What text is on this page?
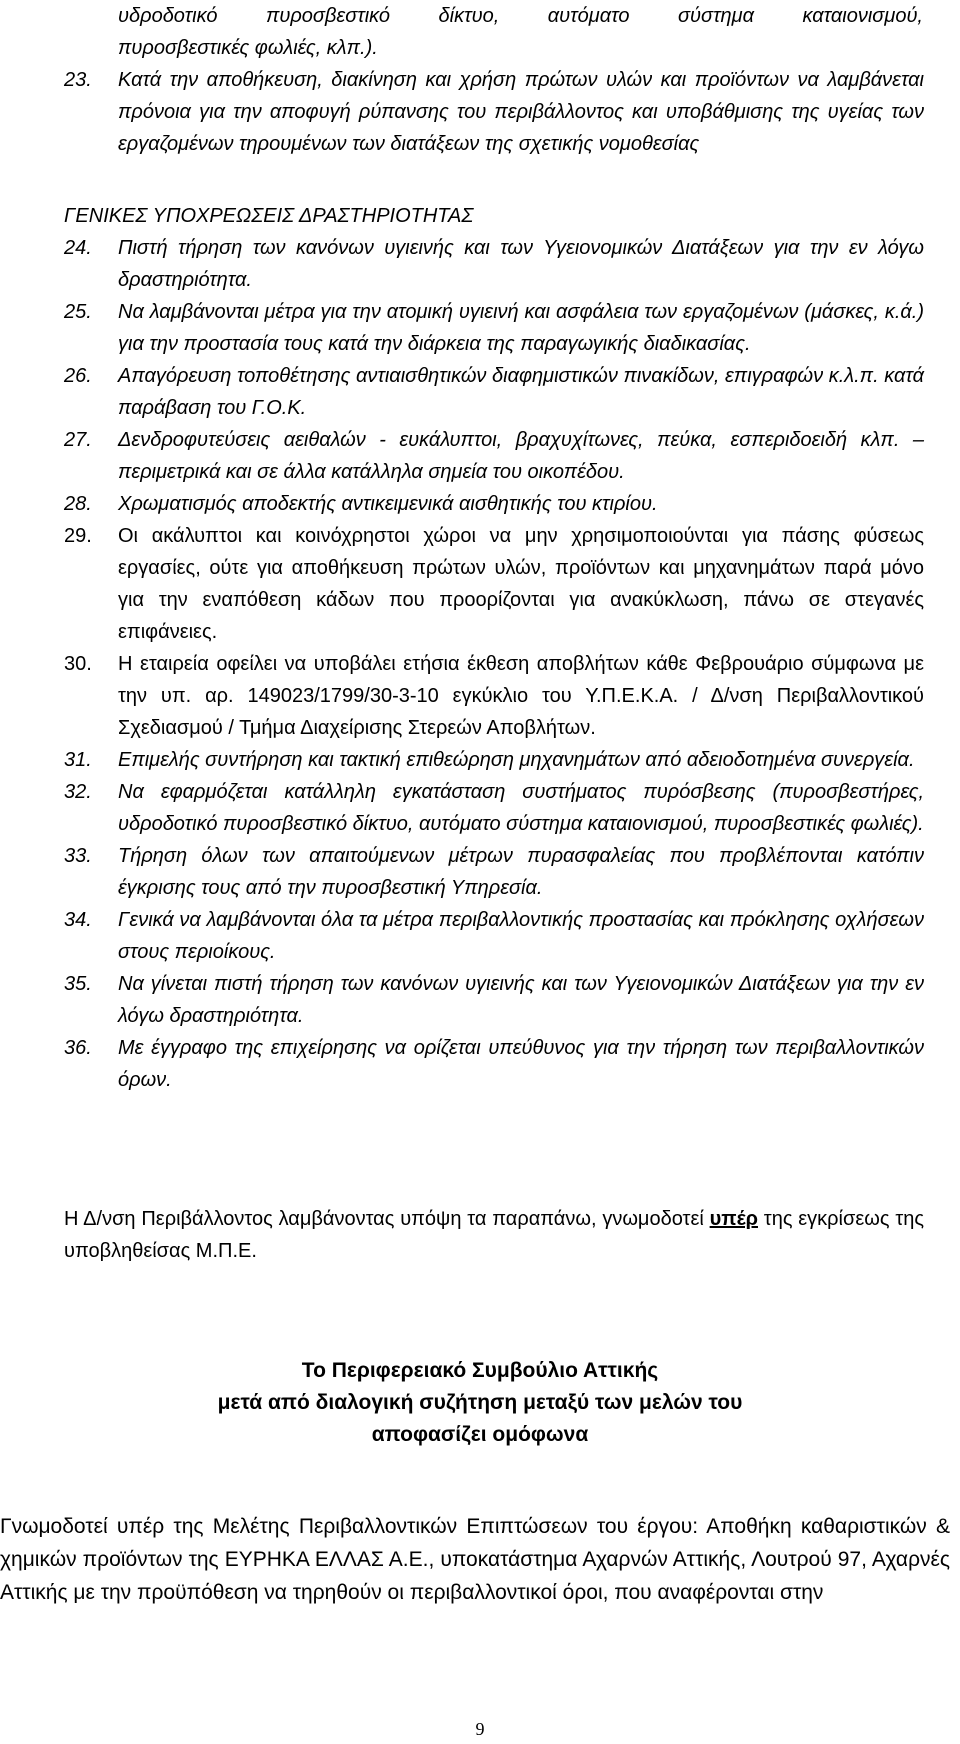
υδροδοτικό πυροσβεστικό δίκτυο, αυτόματο σύστημα καταιονισμού,

πυροσβεστικές φωλιές, κλπ.).

23. Κατά την αποθήκευση, διακίνηση και χρήση πρώτων υλών και προϊόντων να λαμβάνεται πρόνοια για την αποφυγή ρύπανσης του περιβάλλοντος και υποβάθμισης της υγείας των εργαζομένων τηρουμένων των διατάξεων της σχετικής νομοθεσίας
ΓΕΝΙΚΕΣ ΥΠΟΧΡΕΩΣΕΙΣ ΔΡΑΣΤΗΡΙΟΤΗΤΑΣ
24. Πιστή τήρηση των κανόνων υγιεινής και των Υγειονομικών Διατάξεων για την εν λόγω δραστηριότητα.
25. Να λαμβάνονται μέτρα για την ατομική υγιεινή και ασφάλεια των εργαζομένων (μάσκες, κ.ά.) για την προστασία τους κατά την διάρκεια της παραγωγικής διαδικασίας.
26. Απαγόρευση τοποθέτησης αντιαισθητικών διαφημιστικών πινακίδων, επιγραφών κ.λ.π. κατά παράβαση του Γ.Ο.Κ.
27. Δενδροφυτεύσεις αειθαλών - ευκάλυπτοι, βραχυχίτωνες, πεύκα, εσπεριδοειδή κλπ. – περιμετρικά και σε άλλα κατάλληλα σημεία του οικοπέδου.
28. Χρωματισμός αποδεκτής αντικειμενικά αισθητικής του κτιρίου.
29. Οι ακάλυπτοι και κοινόχρηστοι χώροι να μην χρησιμοποιούνται για πάσης φύσεως εργασίες, ούτε για αποθήκευση πρώτων υλών, προϊόντων και μηχανημάτων παρά μόνο για την εναπόθεση κάδων που προορίζονται για ανακύκλωση, πάνω σε στεγανές επιφάνειες.
30. Η εταιρεία οφείλει να υποβάλει ετήσια έκθεση αποβλήτων κάθε Φεβρουάριο σύμφωνα με την υπ. αρ. 149023/1799/30-3-10 εγκύκλιο του Υ.Π.Ε.Κ.Α. / Δ/νση Περιβαλλοντικού Σχεδιασμού / Τμήμα Διαχείρισης Στερεών Αποβλήτων.
31. Επιμελής συντήρηση και τακτική επιθεώρηση μηχανημάτων από αδειοδοτημένα συνεργεία.
32. Να εφαρμόζεται κατάλληλη εγκατάσταση συστήματος πυρόσβεσης (πυροσβεστήρες, υδροδοτικό πυροσβεστικό δίκτυο, αυτόματο σύστημα καταιονισμού, πυροσβεστικές φωλιές).
33. Τήρηση όλων των απαιτούμενων μέτρων πυρασφαλείας που προβλέπονται κατόπιν έγκρισης τους από την πυροσβεστική Υπηρεσία.
34. Γενικά να λαμβάνονται όλα τα μέτρα περιβαλλοντικής προστασίας και πρόκλησης οχλήσεων στους περιοίκους.
35. Να γίνεται πιστή τήρηση των κανόνων υγιεινής και των Υγειονομικών Διατάξεων για την εν λόγω δραστηριότητα.
36. Με έγγραφο της επιχείρησης να ορίζεται υπεύθυνος για την τήρηση των περιβαλλοντικών όρων.
Η Δ/νση Περιβάλλοντος λαμβάνοντας υπόψη τα παραπάνω, γνωμοδοτεί υπέρ της εγκρίσεως της υποβληθείσας Μ.Π.Ε.
Το Περιφερειακό Συμβούλιο Αττικής
μετά από διαλογική συζήτηση μεταξύ των μελών του
αποφασίζει ομόφωνα
Γνωμοδοτεί υπέρ της Μελέτης Περιβαλλοντικών Επιπτώσεων του έργου: Αποθήκη καθαριστικών & χημικών προϊόντων της ΕΥΡΗΚΑ ΕΛΛΑΣ Α.Ε., υποκατάστημα Αχαρνών Αττικής, Λουτρού 97, Αχαρνές Αττικής με την προϋπόθεση να τηρηθούν οι περιβαλλοντικοί όροι, που αναφέρονται στην
9
